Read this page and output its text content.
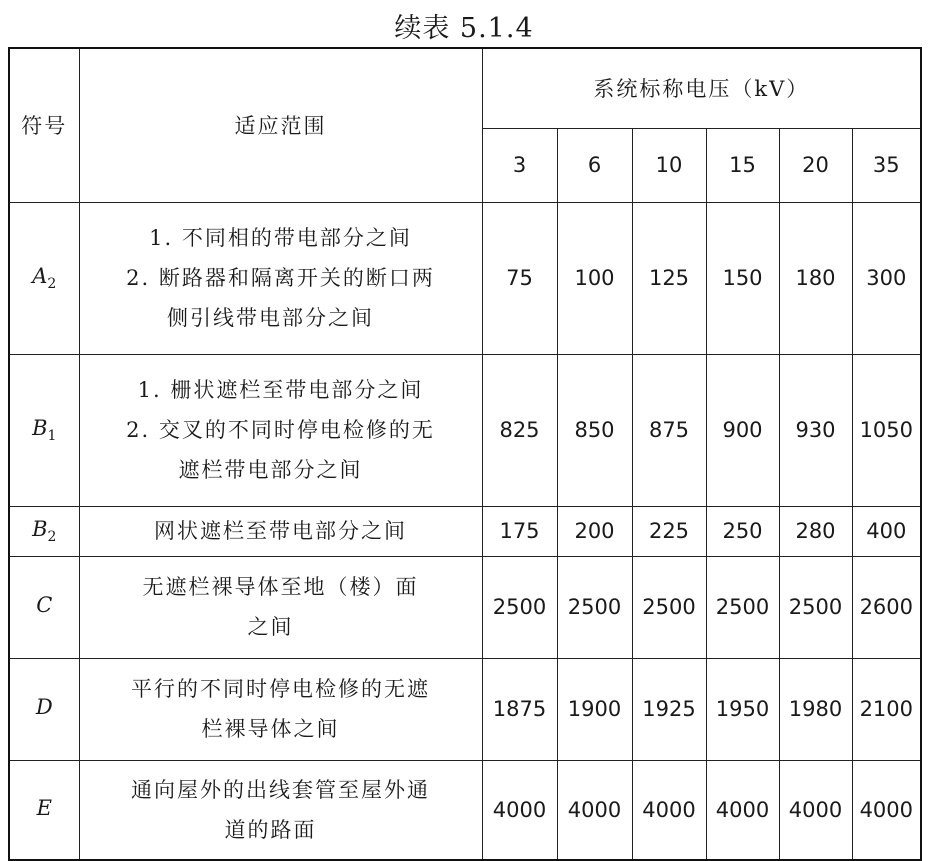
续表 5.1.4
符号	适应范围	系统标称电压（kV）					
		3	6	10	15	20	35
$A_2$	1. 不同相的带电部分之间
2. 断路器和隔离开关的断口两
侧引线带电部分之间	75	100	125	150	180	300
$B_1$	1. 栅状遮栏至带电部分之间
2. 交叉的不同时停电检修的无
遮栏带电部分之间	825	850	875	900	930	1050
$B_2$	网状遮栏至带电部分之间	175	200	225	250	280	400
C	无遮栏裸导体至地（楼）面
之间	2500	2500	2500	2500	2500	2600
D	平行的不同时停电检修的无遮
栏裸导体之间	1875	1900	1925	1950	1980	2100
E	通向屋外的出线套管至屋外通
道的路面	4000	4000	4000	4000	4000	4000
